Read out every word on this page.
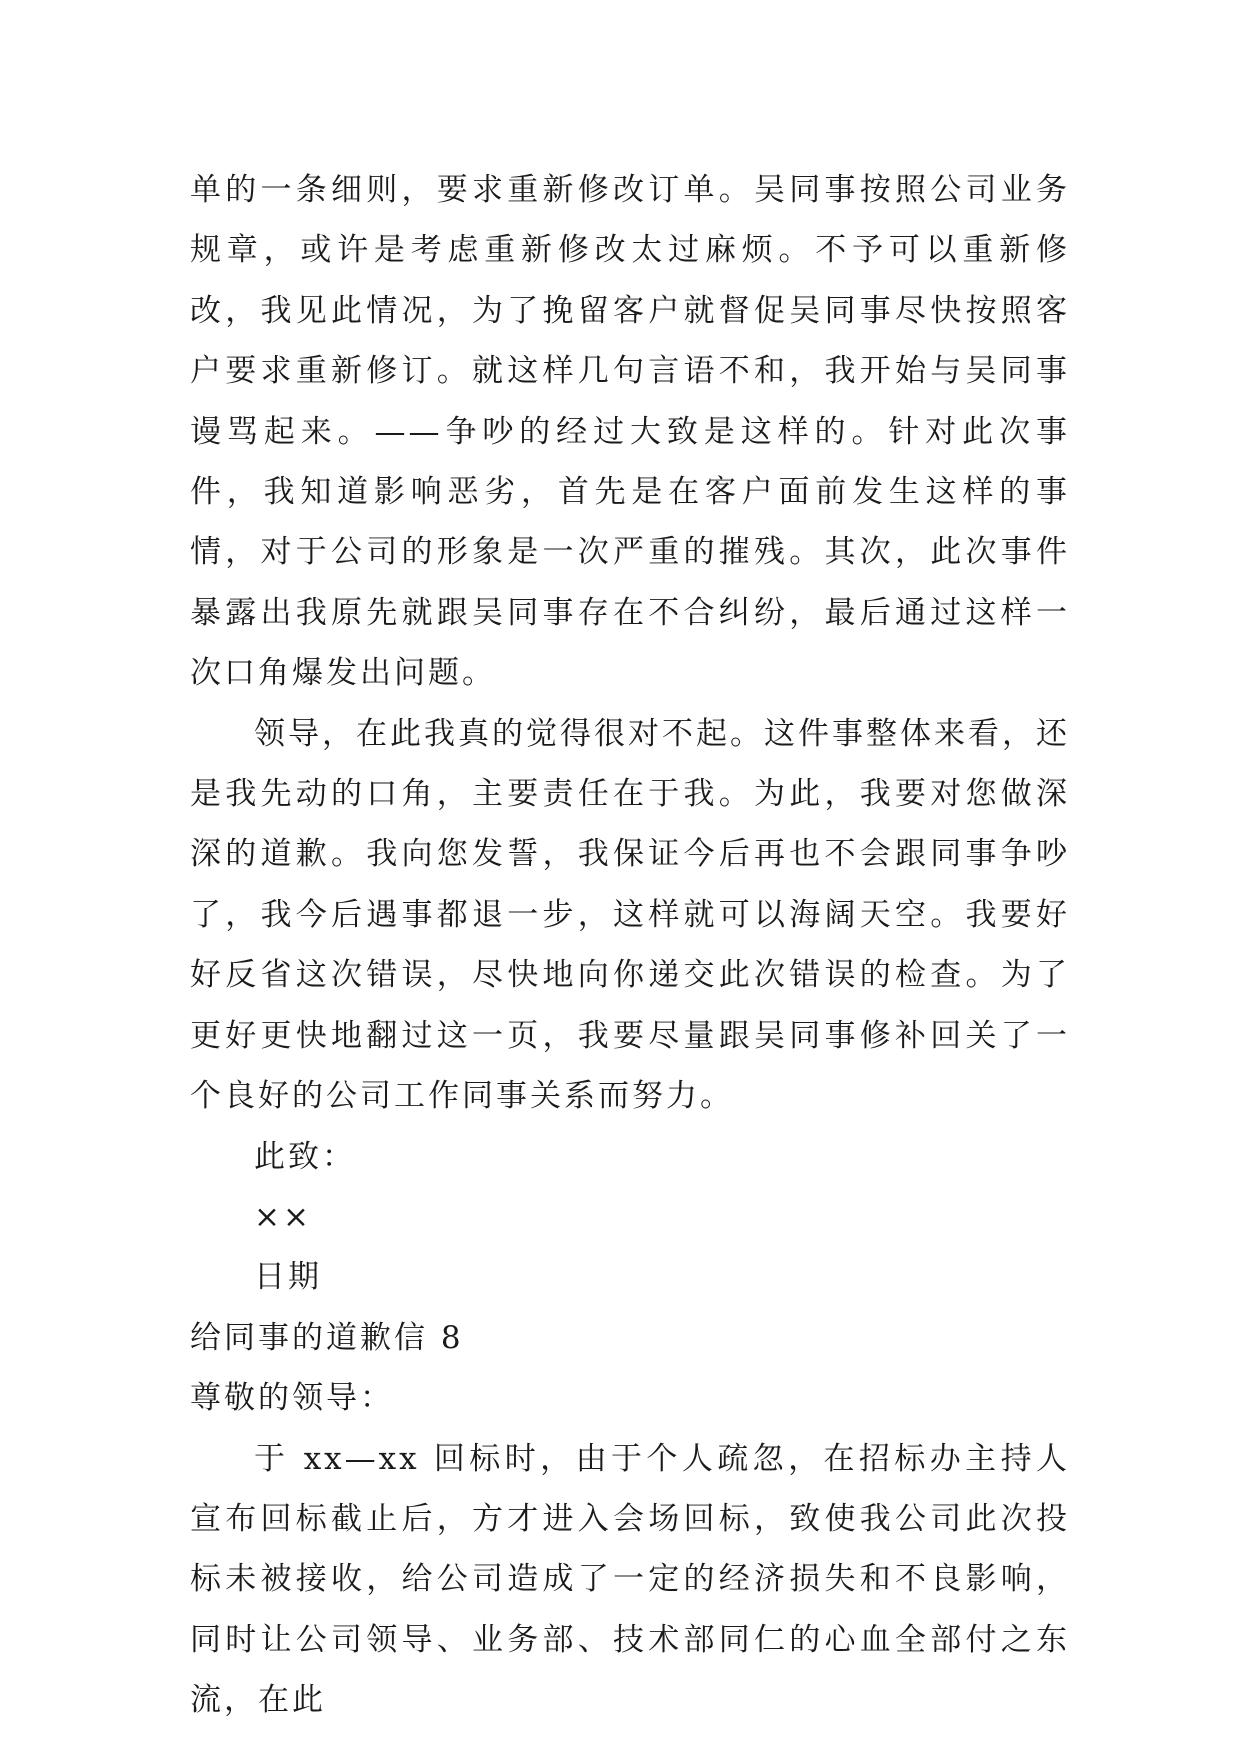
单的一条细则，要求重新修改订单。吴同事按照公司业务规章，或许是考虑重新修改太过麻烦。不予可以重新修改，我见此情况，为了挽留客户就督促吴同事尽快按照客户要求重新修订。就这样几句言语不和，我开始与吴同事谩骂起来。——争吵的经过大致是这样的。针对此次事件，我知道影响恶劣，首先是在客户面前发生这样的事情，对于公司的形象是一次严重的摧残。其次，此次事件暴露出我原先就跟吴同事存在不合纠纷，最后通过这样一次口角爆发出问题。

领导，在此我真的觉得很对不起。这件事整体来看，还是我先动的口角，主要责任在于我。为此，我要对您做深深的道歉。我向您发誓，我保证今后再也不会跟同事争吵了，我今后遇事都退一步，这样就可以海阔天空。我要好好反省这次错误，尽快地向你递交此次错误的检查。为了更好更快地翻过这一页，我要尽量跟吴同事修补回关了一个良好的公司工作同事关系而努力。

此致：

××

日期

给同事的道歉信 8

尊敬的领导：

于 xx—xx 回标时，由于个人疏忽，在招标办主持人宣布回标截止后，方才进入会场回标，致使我公司此次投标未被接收，给公司造成了一定的经济损失和不良影响，同时让公司领导、业务部、技术部同仁的心血全部付之东流，在此
